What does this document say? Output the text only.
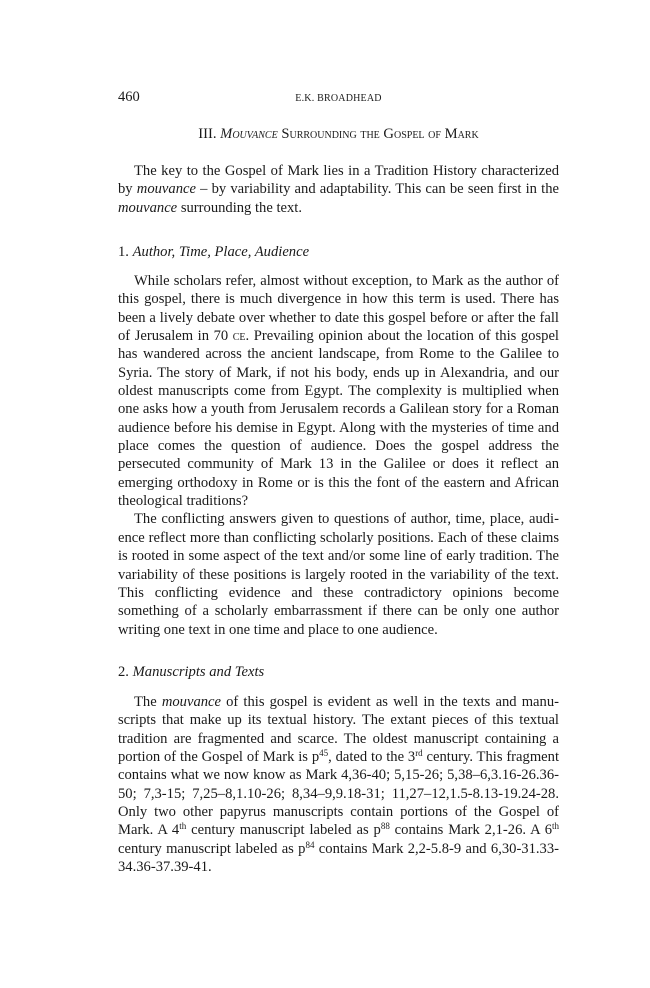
460	E.K. BROADHEAD
III. Mouvance Surrounding the Gospel of Mark

The key to the Gospel of Mark lies in a Tradition History characterized by mouvance – by variability and adaptability. This can be seen first in the mouvance surrounding the text.

1. Author, Time, Place, Audience

While scholars refer, almost without exception, to Mark as the author of this gospel, there is much divergence in how this term is used. There has been a lively debate over whether to date this gospel before or after the fall of Jerusalem in 70 ce. Prevailing opinion about the location of this gospel has wandered across the ancient landscape, from Rome to the Galilee to Syria. The story of Mark, if not his body, ends up in Alexandria, and our oldest manuscripts come from Egypt. The complexity is multiplied when one asks how a youth from Jerusalem records a Galilean story for a Roman audience before his demise in Egypt. Along with the mysteries of time and place comes the question of audience. Does the gospel address the persecuted community of Mark 13 in the Galilee or does it reflect an emerging orthodoxy in Rome or is this the font of the eastern and African theological traditions?

The conflicting answers given to questions of author, time, place, audience reflect more than conflicting scholarly positions. Each of these claims is rooted in some aspect of the text and/or some line of early tradition. The variability of these positions is largely rooted in the variability of the text. This conflicting evidence and these contradictory opinions become something of a scholarly embarrassment if there can be only one author writing one text in one time and place to one audience.

2. Manuscripts and Texts

The mouvance of this gospel is evident as well in the texts and manuscripts that make up its textual history. The extant pieces of this textual tradition are fragmented and scarce. The oldest manuscript containing a portion of the Gospel of Mark is $p^{45}$, dated to the 3rd century. This fragment contains what we now know as Mark 4,36-40; 5,15-26; 5,38–6,3.16-26.36-50; 7,3-15; 7,25–8,1.10-26; 8,34–9,9.18-31; 11,27–12,1.5-8.13-19.24-28. Only two other papyrus manuscripts contain portions of the Gospel of Mark. A 4th century manuscript labeled as $p^{88}$ contains Mark 2,1-26. A 6th century manuscript labeled as $p^{84}$ contains Mark 2,2-5.8-9 and 6,30-31.33-34.36-37.39-41.
